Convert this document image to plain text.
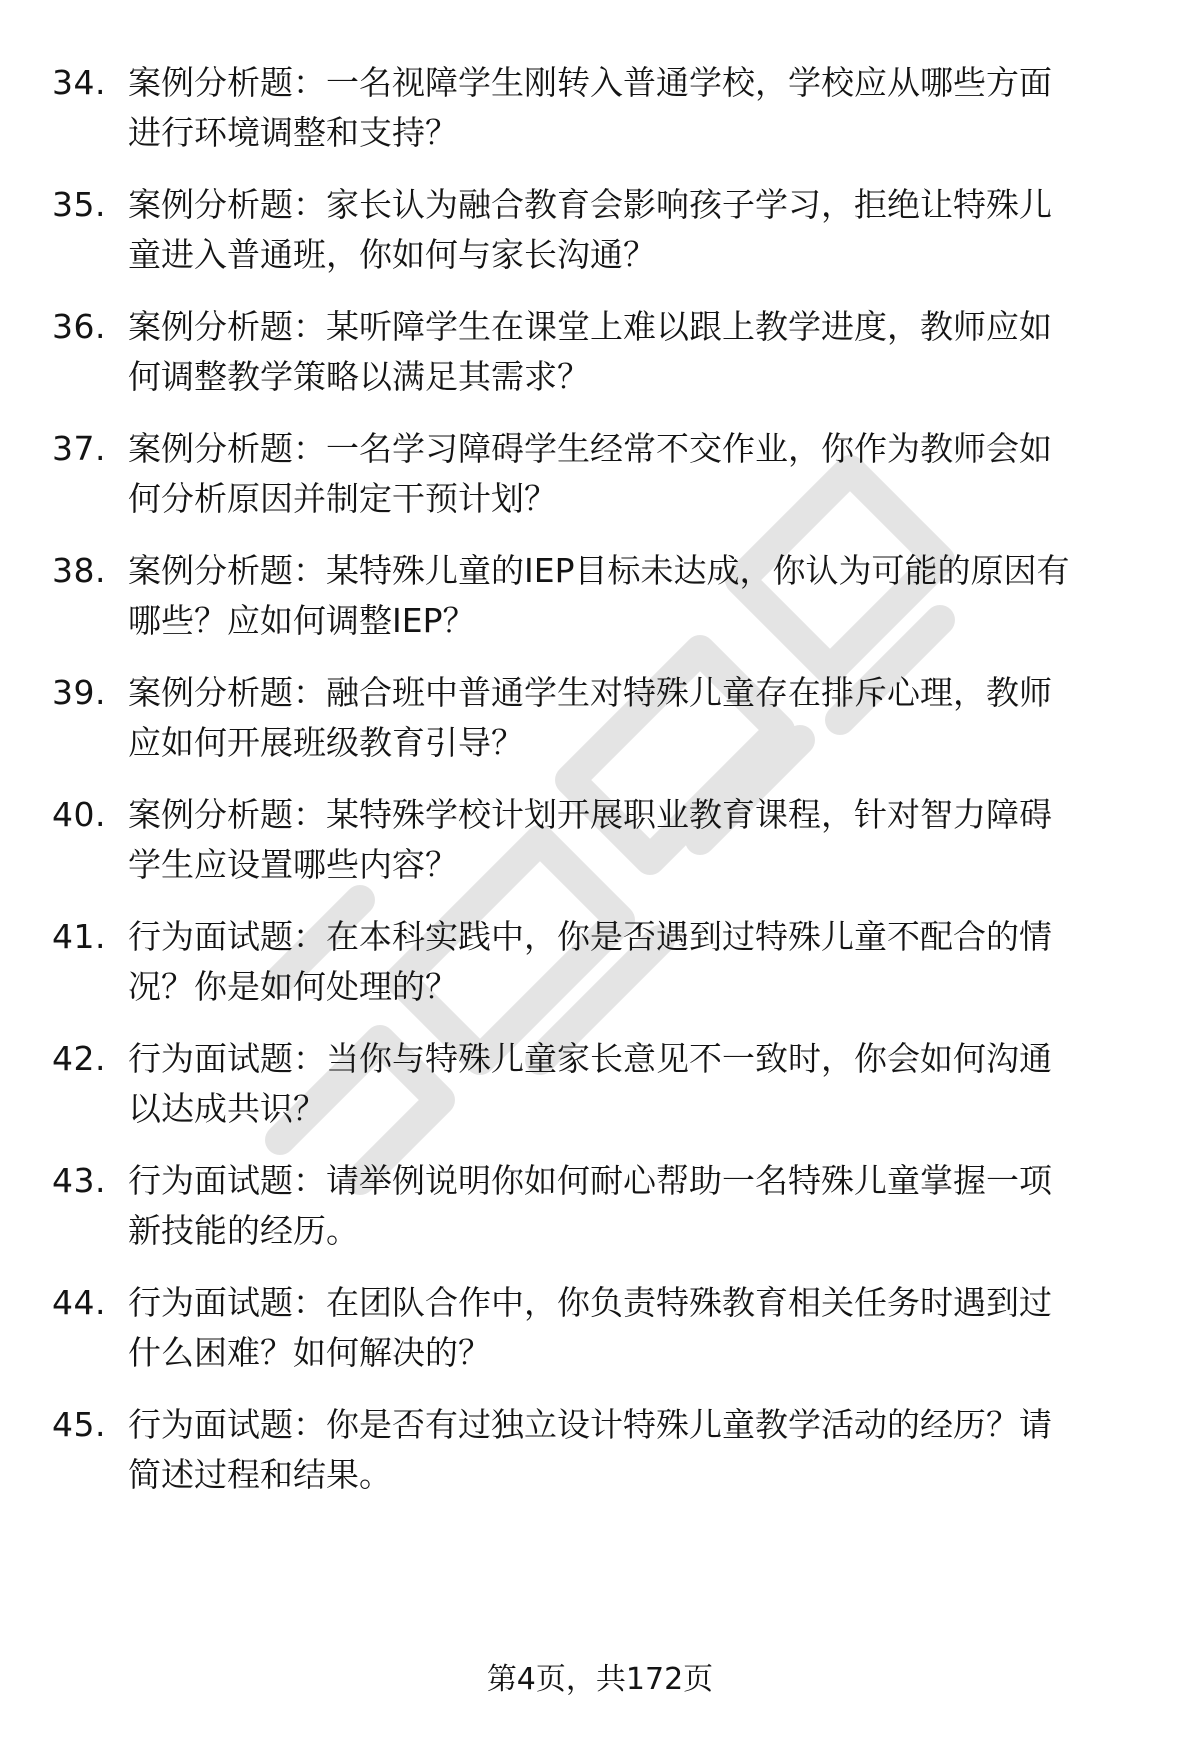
34. 案例分析题：一名视障学生刚转入普通学校，学校应从哪些方面
进行环境调整和支持？
35. 案例分析题：家长认为融合教育会影响孩子学习，拒绝让特殊儿
童进入普通班，你如何与家长沟通？
36. 案例分析题：某听障学生在课堂上难以跟上教学进度，教师应如
何调整教学策略以满足其需求？
37. 案例分析题：一名学习障碍学生经常不交作业，你作为教师会如
何分析原因并制定干预计划？
38. 案例分析题：某特殊儿童的IEP目标未达成，你认为可能的原因有
哪些？应如何调整IEP？
39. 案例分析题：融合班中普通学生对特殊儿童存在排斥心理，教师
应如何开展班级教育引导？
40. 案例分析题：某特殊学校计划开展职业教育课程，针对智力障碍
学生应设置哪些内容？
41. 行为面试题：在本科实践中，你是否遇到过特殊儿童不配合的情
况？你是如何处理的？
42. 行为面试题：当你与特殊儿童家长意见不一致时，你会如何沟通
以达成共识？
43. 行为面试题：请举例说明你如何耐心帮助一名特殊儿童掌握一项
新技能的经历。
44. 行为面试题：在团队合作中，你负责特殊教育相关任务时遇到过
什么困难？如何解决的？
45. 行为面试题：你是否有过独立设计特殊儿童教学活动的经历？请
简述过程和结果。
第4页，共172页
